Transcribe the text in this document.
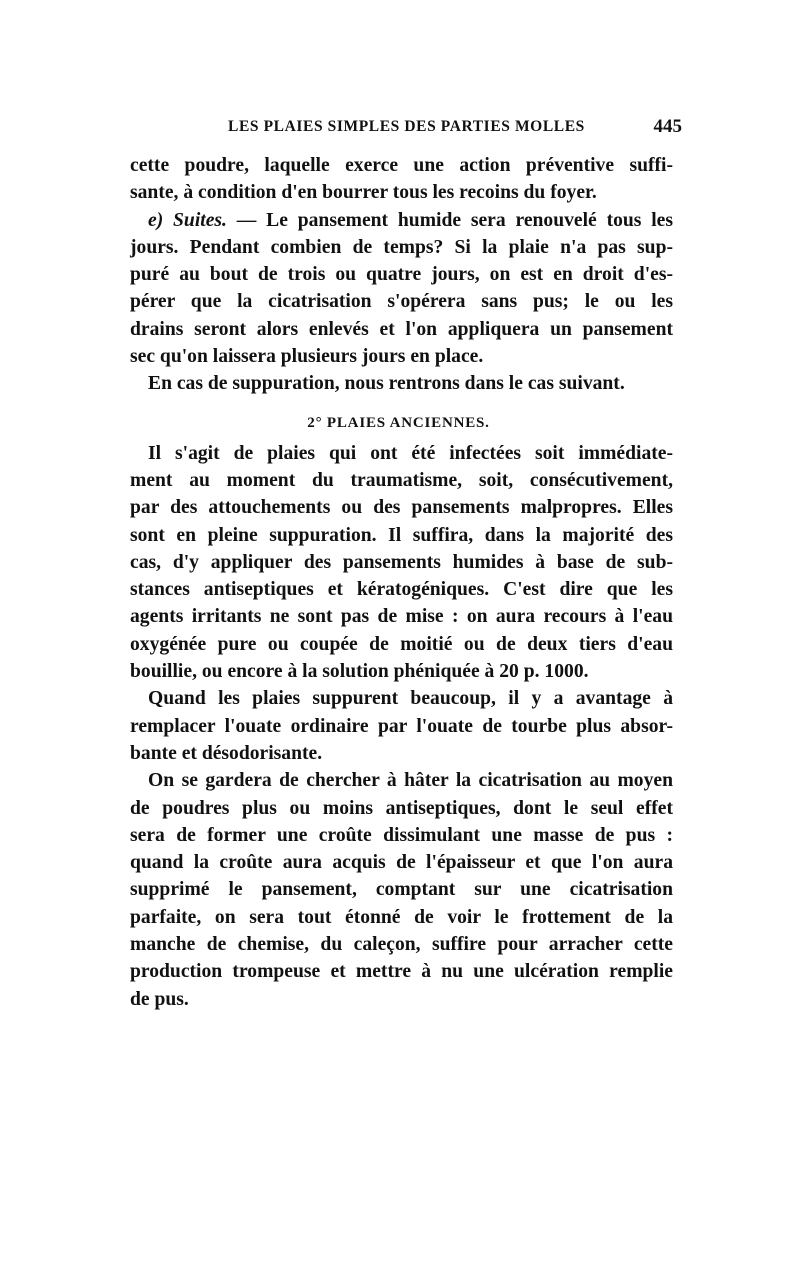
LES PLAIES SIMPLES DES PARTIES MOLLES	445
cette poudre, laquelle exerce une action préventive suffi-
sante, à condition d'en bourrer tous les recoins du foyer.
e) Suites. — Le pansement humide sera renouvelé tous les
jours. Pendant combien de temps? Si la plaie n'a pas sup-
puré au bout de trois ou quatre jours, on est en droit d'es-
pérer que la cicatrisation s'opérera sans pus; le ou les
drains seront alors enlevés et l'on appliquera un pansement
sec qu'on laissera plusieurs jours en place.
En cas de suppuration, nous rentrons dans le cas suivant.
2° PLAIES ANCIENNES.
Il s'agit de plaies qui ont été infectées soit immédiate-
ment au moment du traumatisme, soit, consécutivement,
par des attouchements ou des pansements malpropres. Elles
sont en pleine suppuration. Il suffira, dans la majorité des
cas, d'y appliquer des pansements humides à base de sub-
stances antiseptiques et kératogéniques. C'est dire que les
agents irritants ne sont pas de mise : on aura recours à l'eau
oxygénée pure ou coupée de moitié ou de deux tiers d'eau
bouillie, ou encore à la solution phéniquée à 20 p. 1000.
Quand les plaies suppurent beaucoup, il y a avantage à
remplacer l'ouate ordinaire par l'ouate de tourbe plus absor-
bante et désodorisante.
On se gardera de chercher à hâter la cicatrisation au moyen
de poudres plus ou moins antiseptiques, dont le seul effet
sera de former une croûte dissimulant une masse de pus :
quand la croûte aura acquis de l'épaisseur et que l'on aura
supprimé le pansement, comptant sur une cicatrisation
parfaite, on sera tout étonné de voir le frottement de la
manche de chemise, du caleçon, suffire pour arracher cette
production trompeuse et mettre à nu une ulcération remplie
de pus.
